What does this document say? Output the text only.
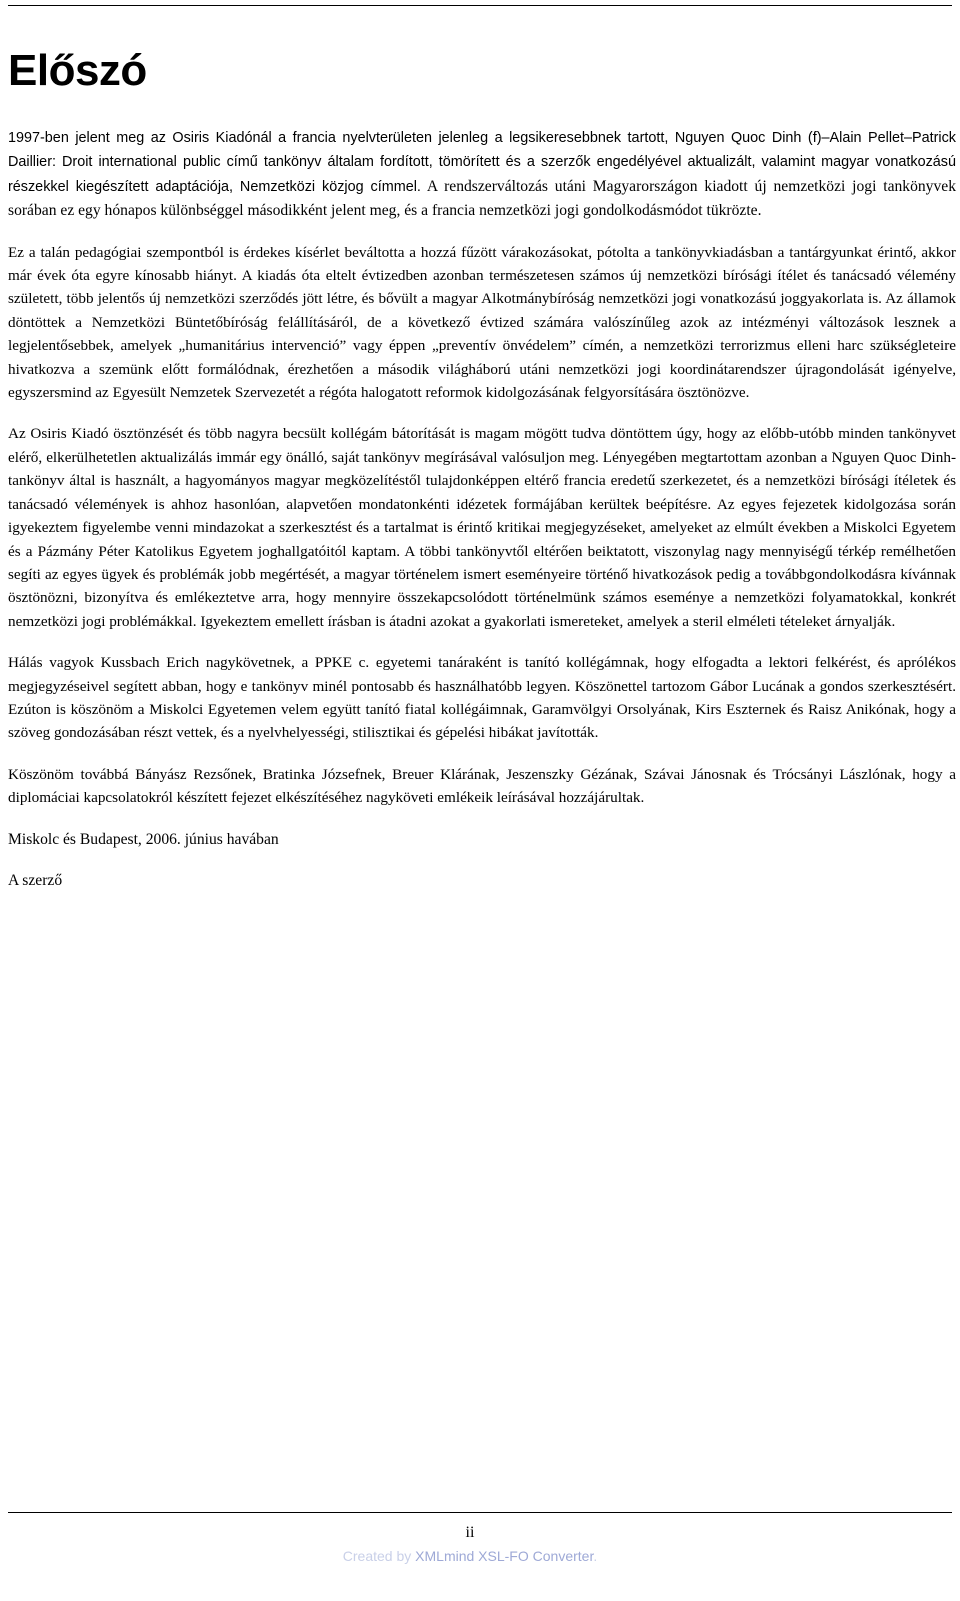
Előszó

1997-ben jelent meg az Osiris Kiadónál a francia nyelvterületen jelenleg a legsikeresebbnek tartott, Nguyen Quoc Dinh (f)–Alain Pellet–Patrick Daillier: Droit international public című tankönyv általam fordított, tömörített és a szerzők engedélyével aktualizált, valamint magyar vonatkozású részekkel kiegészített adaptációja, Nemzetközi közjog címmel. A rendszerváltozás utáni Magyarországon kiadott új nemzetközi jogi tankönyvek sorában ez egy hónapos különbséggel másodikként jelent meg, és a francia nemzetközi jogi gondolkodásmódot tükrözte.

Ez a talán pedagógiai szempontból is érdekes kísérlet beváltotta a hozzá fűzött várakozásokat, pótolta a tankönyvkiadásban a tantárgyunkat érintő, akkor már évek óta egyre kínosabb hiányt. A kiadás óta eltelt évtizedben azonban természetesen számos új nemzetközi bírósági ítélet és tanácsadó vélemény született, több jelentős új nemzetközi szerződés jött létre, és bővült a magyar Alkotmánybíróság nemzetközi jogi vonatkozású joggyakorlata is. Az államok döntöttek a Nemzetközi Büntetőbíróság felállításáról, de a következő évtized számára valószínűleg azok az intézményi változások lesznek a legjelentősebbek, amelyek „humanitárius intervenció” vagy éppen „preventív önvédelem” címén, a nemzetközi terrorizmus elleni harc szükségleteire hivatkozva a szemünk előtt formálódnak, érezhetően a második világháború utáni nemzetközi jogi koordinátarendszer újragondolását igényelve, egyszersmind az Egyesült Nemzetek Szervezetét a régóta halogatott reformok kidolgozásának felgyorsítására ösztönözve.

Az Osiris Kiadó ösztönzését és több nagyra becsült kollégám bátorítását is magam mögött tudva döntöttem úgy, hogy az előbb-utóbb minden tankönyvet elérő, elkerülhetetlen aktualizálás immár egy önálló, saját tankönyv megírásával valósuljon meg. Lényegében megtartottam azonban a Nguyen Quoc Dinh-tankönyv által is használt, a hagyományos magyar megközelítéstől tulajdonképpen eltérő francia eredetű szerkezetet, és a nemzetközi bírósági ítéletek és tanácsadó vélemények is ahhoz hasonlóan, alapvetően mondatonkénti idézetek formájában kerültek beépítésre. Az egyes fejezetek kidolgozása során igyekeztem figyelembe venni mindazokat a szerkesztést és a tartalmat is érintő kritikai megjegyzéseket, amelyeket az elmúlt években a Miskolci Egyetem és a Pázmány Péter Katolikus Egyetem joghallgatóitól kaptam. A többi tankönyvtől eltérően beiktatott, viszonylag nagy mennyiségű térkép remélhetően segíti az egyes ügyek és problémák jobb megértését, a magyar történelem ismert eseményeire történő hivatkozások pedig a továbbgondolkodásra kívánnak ösztönözni, bizonyítva és emlékeztetve arra, hogy mennyire összekapcsolódott történelmünk számos eseménye a nemzetközi folyamatokkal, konkrét nemzetközi jogi problémákkal. Igyekeztem emellett írásban is átadni azokat a gyakorlati ismereteket, amelyek a steril elméleti tételeket árnyalják.

Hálás vagyok Kussbach Erich nagykövetnek, a PPKE c. egyetemi tanáraként is tanító kollégámnak, hogy elfogadta a lektori felkérést, és aprólékos megjegyzéseivel segített abban, hogy e tankönyv minél pontosabb és használhatóbb legyen. Köszönettel tartozom Gábor Lucának a gondos szerkesztésért. Ezúton is köszönöm a Miskolci Egyetemen velem együtt tanító fiatal kollégáimnak, Garamvölgyi Orsolyának, Kirs Eszternek és Raisz Anikónak, hogy a szöveg gondozásában részt vettek, és a nyelvhelyességi, stilisztikai és gépelési hibákat javították.

Köszönöm továbbá Bányász Rezsőnek, Bratinka Józsefnek, Breuer Klárának, Jeszenszky Gézának, Szávai Jánosnak és Trócsányi Lászlónak, hogy a diplomáciai kapcsolatokról készített fejezet elkészítéséhez nagyköveti emlékeik leírásával hozzájárultak.

Miskolc és Budapest, 2006. június havában

A szerző

ii
Created by XMLmind XSL-FO Converter.
